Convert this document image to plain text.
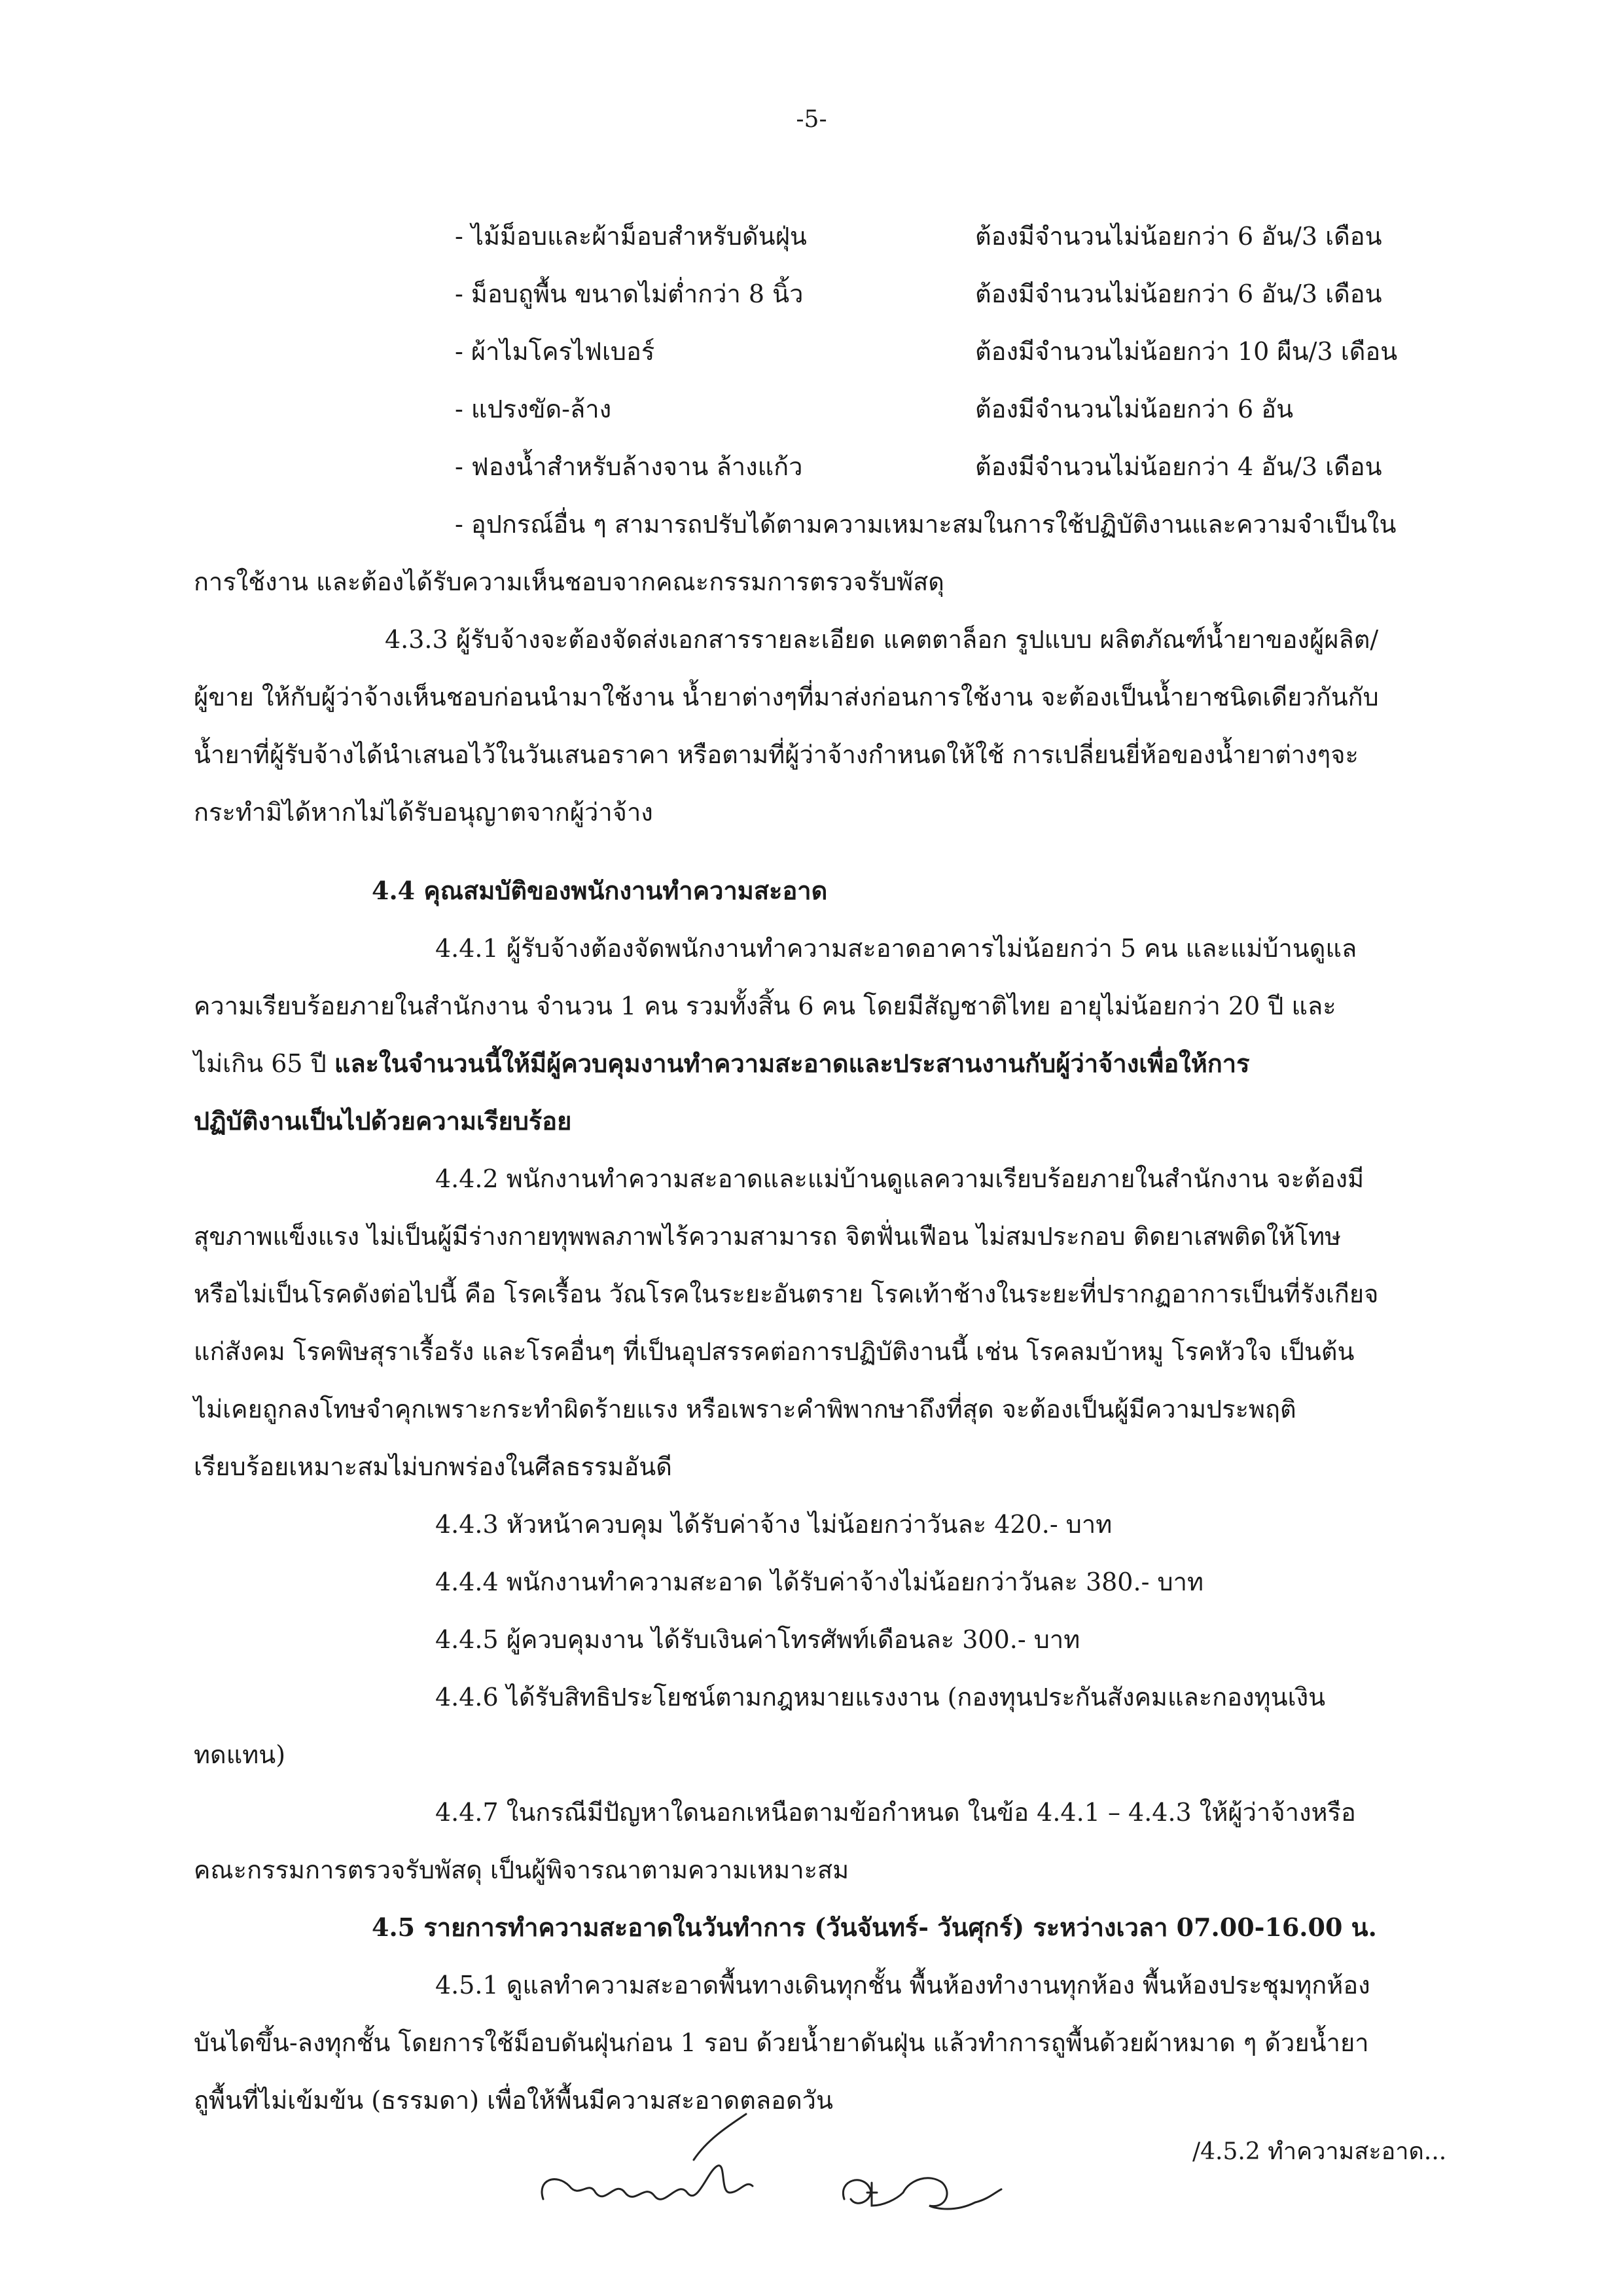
-5-
- ไม้ม็อบและผ้าม็อบสำหรับดันฝุ่น	ต้องมีจำนวนไม่น้อยกว่า 6 อัน/3 เดือน
- ม็อบถูพื้น ขนาดไม่ต่ำกว่า 8 นิ้ว	ต้องมีจำนวนไม่น้อยกว่า 6 อัน/3 เดือน
- ผ้าไมโครไฟเบอร์	ต้องมีจำนวนไม่น้อยกว่า 10 ผืน/3 เดือน
- แปรงขัด-ล้าง	ต้องมีจำนวนไม่น้อยกว่า 6 อัน
- ฟองน้ำสำหรับล้างจาน ล้างแก้ว	ต้องมีจำนวนไม่น้อยกว่า 4 อัน/3 เดือน
- อุปกรณ์อื่น ๆ สามารถปรับได้ตามความเหมาะสมในการใช้ปฏิบัติงานและความจำเป็นใน
การใช้งาน และต้องได้รับความเห็นชอบจากคณะกรรมการตรวจรับพัสดุ
4.3.3 ผู้รับจ้างจะต้องจัดส่งเอกสารรายละเอียด แคตตาล็อก รูปแบบ ผลิตภัณฑ์น้ำยาของผู้ผลิต/
ผู้ขาย ให้กับผู้ว่าจ้างเห็นชอบก่อนนำมาใช้งาน น้ำยาต่างๆที่มาส่งก่อนการใช้งาน จะต้องเป็นน้ำยาชนิดเดียวกันกับ
น้ำยาที่ผู้รับจ้างได้นำเสนอไว้ในวันเสนอราคา หรือตามที่ผู้ว่าจ้างกำหนดให้ใช้ การเปลี่ยนยี่ห้อของน้ำยาต่างๆจะ
กระทำมิได้หากไม่ได้รับอนุญาตจากผู้ว่าจ้าง
4.4 คุณสมบัติของพนักงานทำความสะอาด
4.4.1 ผู้รับจ้างต้องจัดพนักงานทำความสะอาดอาคารไม่น้อยกว่า 5 คน และแม่บ้านดูแล
ความเรียบร้อยภายในสำนักงาน จำนวน 1 คน รวมทั้งสิ้น 6 คน โดยมีสัญชาติไทย อายุไม่น้อยกว่า 20 ปี และ
ไม่เกิน 65 ปี และในจำนวนนี้ให้มีผู้ควบคุมงานทำความสะอาดและประสานงานกับผู้ว่าจ้างเพื่อให้การ
ปฏิบัติงานเป็นไปด้วยความเรียบร้อย
4.4.2 พนักงานทำความสะอาดและแม่บ้านดูแลความเรียบร้อยภายในสำนักงาน จะต้องมี
สุขภาพแข็งแรง ไม่เป็นผู้มีร่างกายทุพพลภาพไร้ความสามารถ จิตฟั่นเฟือน ไม่สมประกอบ ติดยาเสพติดให้โทษ
หรือไม่เป็นโรคดังต่อไปนี้ คือ โรคเรื้อน วัณโรคในระยะอันตราย โรคเท้าช้างในระยะที่ปรากฏอาการเป็นที่รังเกียจ
แก่สังคม โรคพิษสุราเรื้อรัง และโรคอื่นๆ ที่เป็นอุปสรรคต่อการปฏิบัติงานนี้ เช่น โรคลมบ้าหมู โรคหัวใจ เป็นต้น
ไม่เคยถูกลงโทษจำคุกเพราะกระทำผิดร้ายแรง หรือเพราะคำพิพากษาถึงที่สุด จะต้องเป็นผู้มีความประพฤติ
เรียบร้อยเหมาะสมไม่บกพร่องในศีลธรรมอันดี
4.4.3 หัวหน้าควบคุม ได้รับค่าจ้าง ไม่น้อยกว่าวันละ 420.- บาท
4.4.4 พนักงานทำความสะอาด ได้รับค่าจ้างไม่น้อยกว่าวันละ 380.- บาท
4.4.5 ผู้ควบคุมงาน ได้รับเงินค่าโทรศัพท์เดือนละ 300.- บาท
4.4.6 ได้รับสิทธิประโยชน์ตามกฎหมายแรงงาน (กองทุนประกันสังคมและกองทุนเงิน
ทดแทน)
4.4.7 ในกรณีมีปัญหาใดนอกเหนือตามข้อกำหนด ในข้อ 4.4.1 – 4.4.3 ให้ผู้ว่าจ้างหรือ
คณะกรรมการตรวจรับพัสดุ เป็นผู้พิจารณาตามความเหมาะสม
4.5 รายการทำความสะอาดในวันทำการ (วันจันทร์- วันศุกร์) ระหว่างเวลา 07.00-16.00 น.
4.5.1 ดูแลทำความสะอาดพื้นทางเดินทุกชั้น พื้นห้องทำงานทุกห้อง พื้นห้องประชุมทุกห้อง
บันไดขึ้น-ลงทุกชั้น โดยการใช้ม็อบดันฝุ่นก่อน 1 รอบ ด้วยน้ำยาดันฝุ่น แล้วทำการถูพื้นด้วยผ้าหมาด ๆ ด้วยน้ำยา
ถูพื้นที่ไม่เข้มข้น (ธรรมดา) เพื่อให้พื้นมีความสะอาดตลอดวัน
/4.5.2 ทำความสะอาด...
